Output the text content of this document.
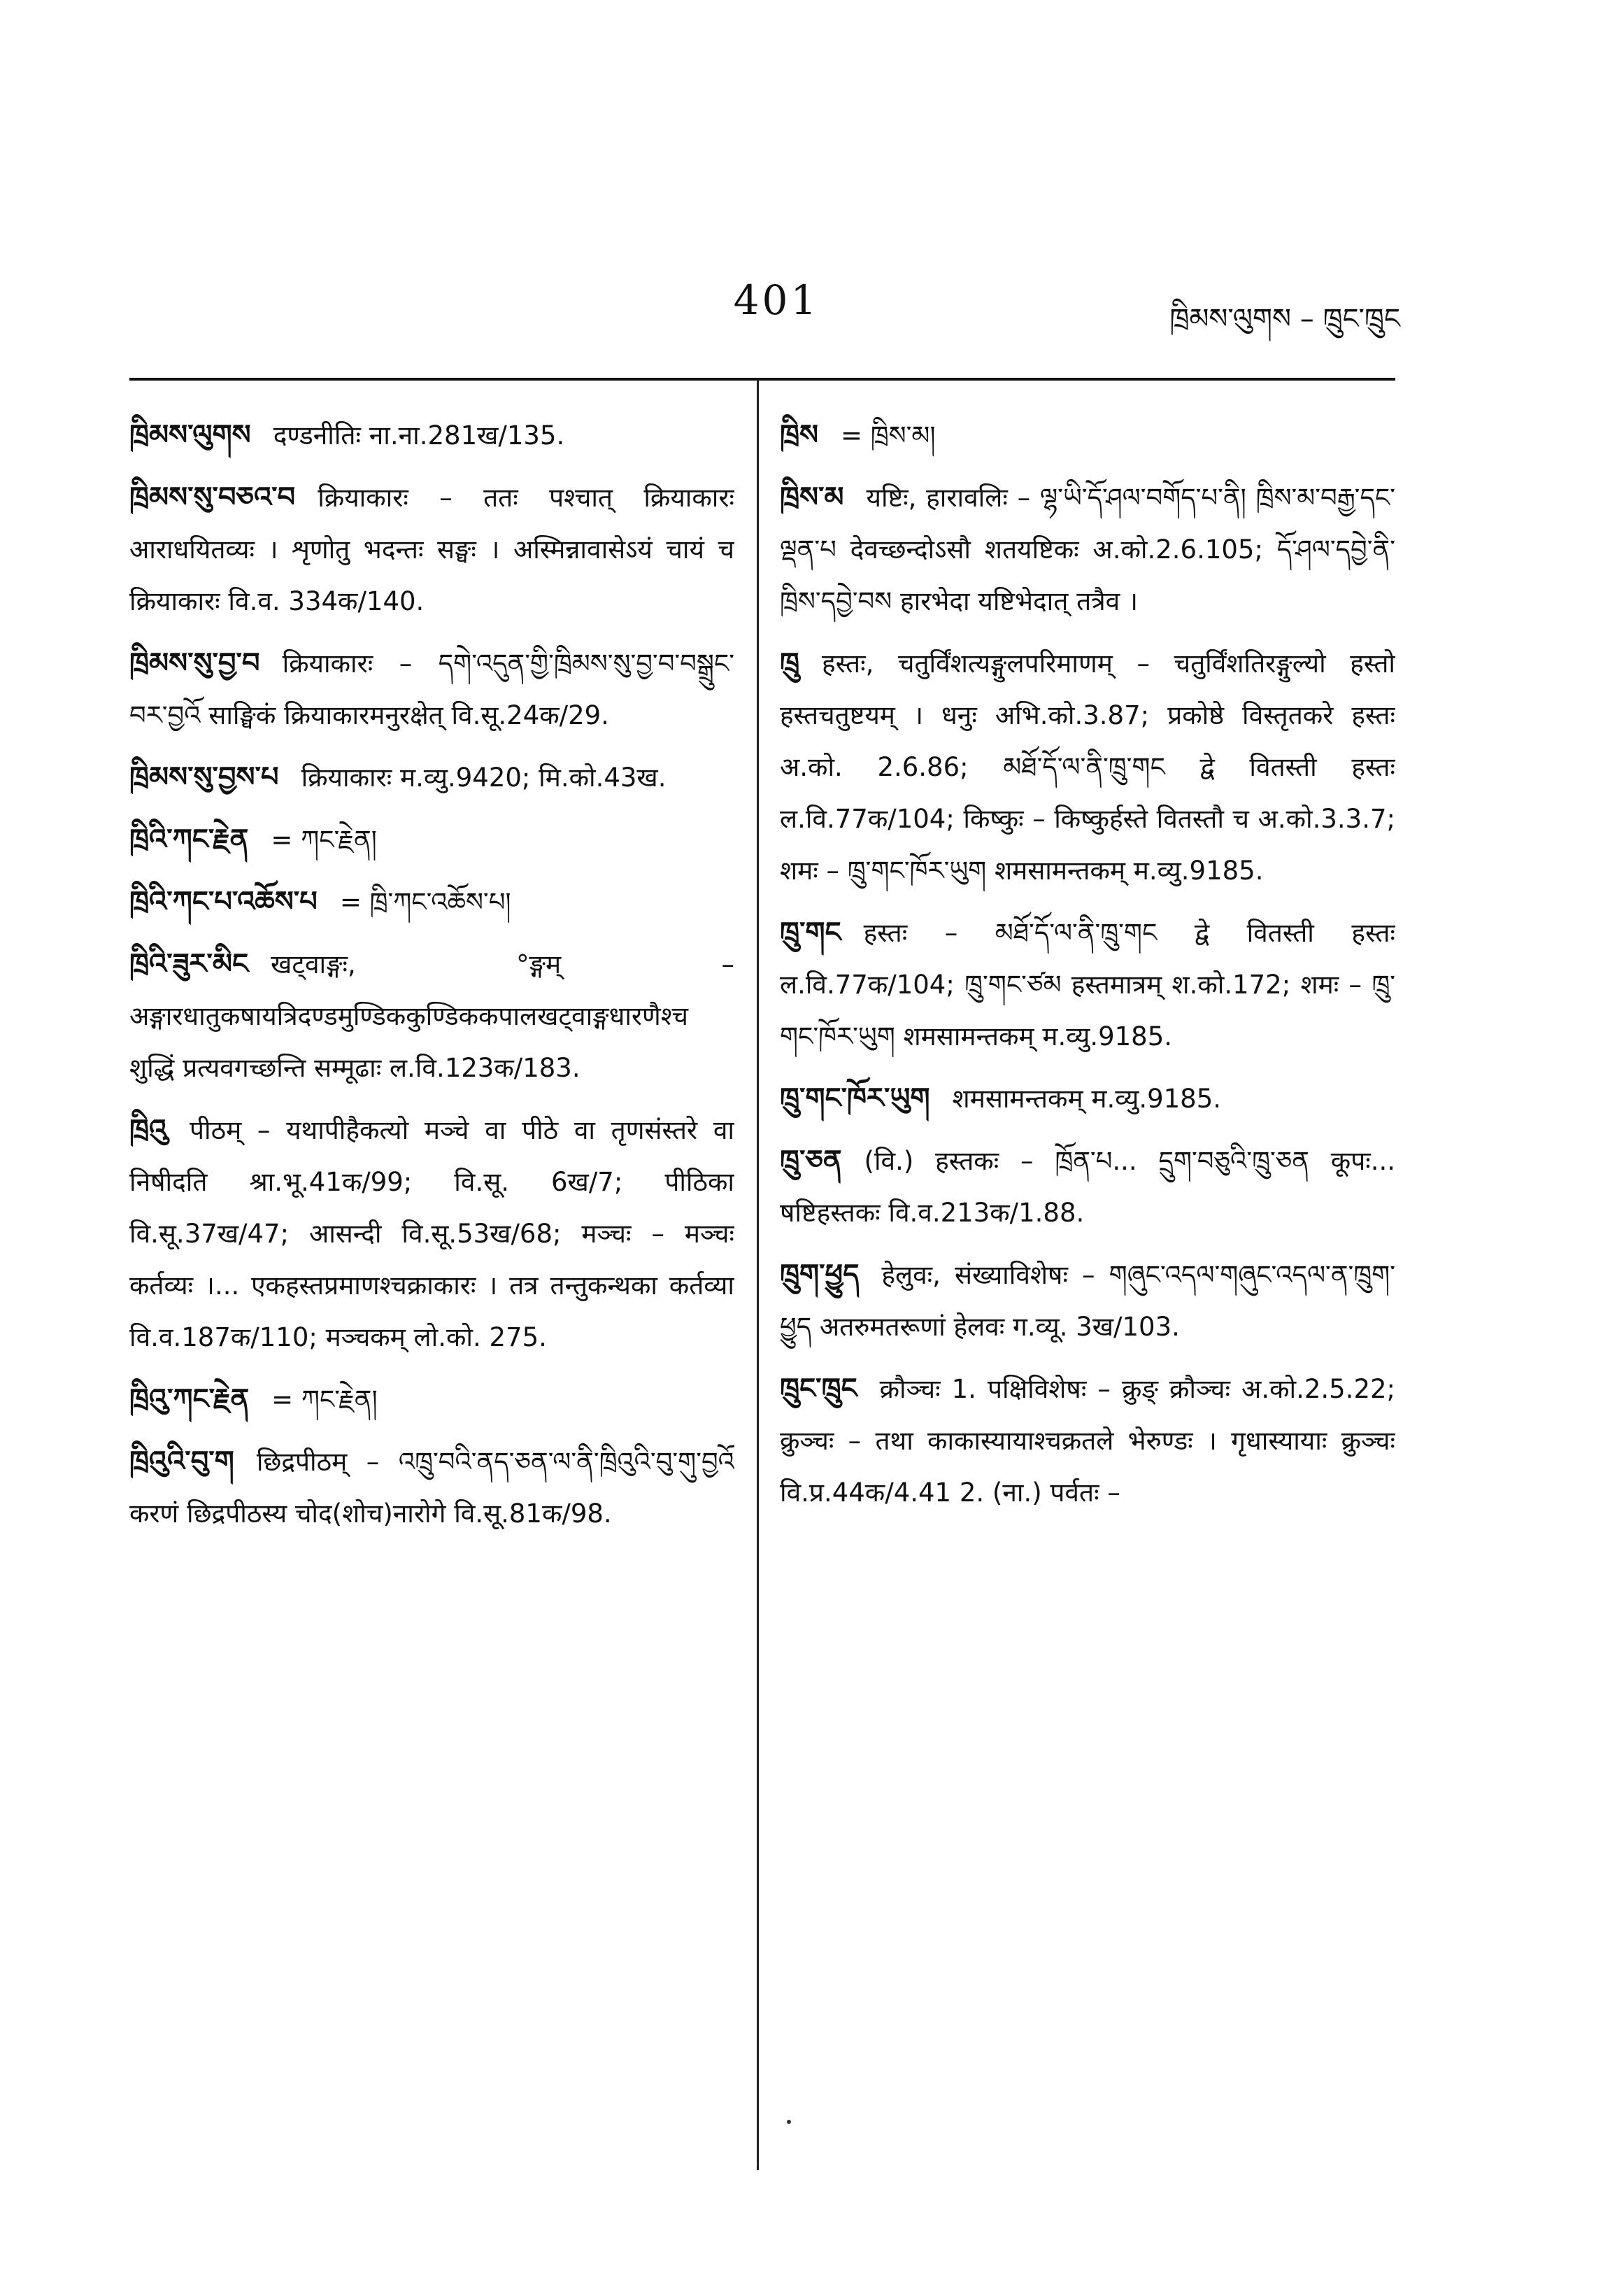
401	ཁྲིམས་ལུགས – ཁྲུང་ཁྲུང
ཁྲིམས་ལུགས दण्डनीतिः ना.ना.281ख/135.
ཁྲིམས་སུ་བཅའ་བ क्रियाकारः – ततः पश्चात् क्रियाकारः आराधयितव्यः । शृणोतु भदन्तः सङ्घः । अस्मिन्नावासेऽयं चायं च क्रियाकारः वि.व. 334क/140.
ཁྲིམས་སུ་བྱ་བ क्रियाकारः – དགེ་འདུན་གྱི་ཁྲིམས་སུ་བྱ་བ་བསྒྲུང་བར་བྱའོ साङ्घिकं क्रियाकारमनुरक्षेत् वि.सू.24क/29.
ཁྲིམས་སུ་བྱས་པ क्रियाकारः म.व्यु.9420; मि.को.43ख.
ཁྲིའི་ཀང་རྗེན = ཀང་རྗེན།
ཁྲིའི་ཀང་པ་འཆོས་པ = ཁྲི་ཀང་འཆོས་པ།
ཁྲིའི་ཟུར་མིང खट्वाङ्गः, °ङ्गम् – अङ्गारधातुकषायत्रिदण्डमुण्डिककुण्डिककपालखट्वाङ्गधारणैश्च शुद्धिं प्रत्यवगच्छन्ति सम्मूढाः ल.वि.123क/183.
ཁྲིའུ पीठम् – यथापीहैकत्यो मञ्चे वा पीठे वा तृणसंस्तरे वा निषीदति श्रा.भू.41क/99; वि.सू. 6ख/7; पीठिका वि.सू.37ख/47; आसन्दी वि.सू.53ख/68; मञ्चः – मञ्चः कर्तव्यः ।... एकहस्तप्रमाणश्चक्राकारः । तत्र तन्तुकन्थका कर्तव्या वि.व.187क/110; मञ्चकम् लो.को. 275.
ཁྲིའུ་ཀང་རྗེན = ཀང་རྗེན།
ཁྲིའུའི་བུ་ག छिद्रपीठम् – འཁྲུ་བའི་ནད་ཅན་ལ་ནི་ཁྲིའུའི་བུ་གུ་བྱའོ करणं छिद्रपीठस्य चोद(शोच)नारोगे वि.सू.81क/98.
ཁྲིས = ཁྲིས་མ།
ཁྲིས་མ यष्टिः, हारावलिः – ལྷ་ཡི་དོ་ཤལ་བགོད་པ་ནི། ཁྲིས་མ་བརྒྱ་དང་ལྡན་པ देवच्छन्दोऽसौ शतयष्टिकः अ.को.2.6.105; དོ་ཤལ་དབྱེ་ནི་ཁྲིས་དབྱེ་བས हारभेदा यष्टिभेदात् तत्रैव ।
ཁྲུ हस्तः, चतुर्विंशत्यङ्गुलपरिमाणम् – चतुर्विंशतिरङ्गुल्यो हस्तो हस्तचतुष्टयम् । धनुः अभि.को.3.87; प्रकोष्ठे विस्तृतकरे हस्तः अ.को. 2.6.86; མཐོ་དོ་ལ་ནི་ཁྲུ་གང द्वे वितस्ती हस्तः ल.वि.77क/104; किष्कुः – किष्कुर्हस्ते वितस्तौ च अ.को.3.3.7; शमः – ཁྲུ་གང་ཁོར་ཡུག शमसामन्तकम् म.व्यु.9185.
ཁྲུ་གང हस्तः – མཐོ་དོ་ལ་ནི་ཁྲུ་གང द्वे वितस्ती हस्तः ल.वि.77क/104; ཁྲུ་གང་ཙམ हस्तमात्रम् श.को.172; शमः – ཁྲུ་གང་ཁོར་ཡུག शमसामन्तकम् म.व्यु.9185.
ཁྲུ་གང་ཁོར་ཡུག शमसामन्तकम् म.व्यु.9185.
ཁྲུ་ཅན (वि.) हस्तकः – ཁྲོན་པ... དྲུག་བཅུའི་ཁྲུ་ཅན कूपः... षष्टिहस्तकः वि.व.213क/1.88.
ཁྲུག་ཕྱུད हेलुवः, संख्याविशेषः – གཞུང་འདལ་གཞུང་འདལ་ན་ཁྲུག་ཕྱུད अतरुमतरूणां हेलवः ग.व्यू. 3ख/103.
ཁྲུང་ཁྲུང क्रौञ्चः 1. पक्षिविशेषः – क्रुङ् क्रौञ्चः अ.को.2.5.22; क्रुञ्चः – तथा काकास्यायाश्चक्रतले भेरुण्डः । गृधास्यायाः क्रुञ्चः वि.प्र.44क/4.41 2. (ना.) पर्वतः –
